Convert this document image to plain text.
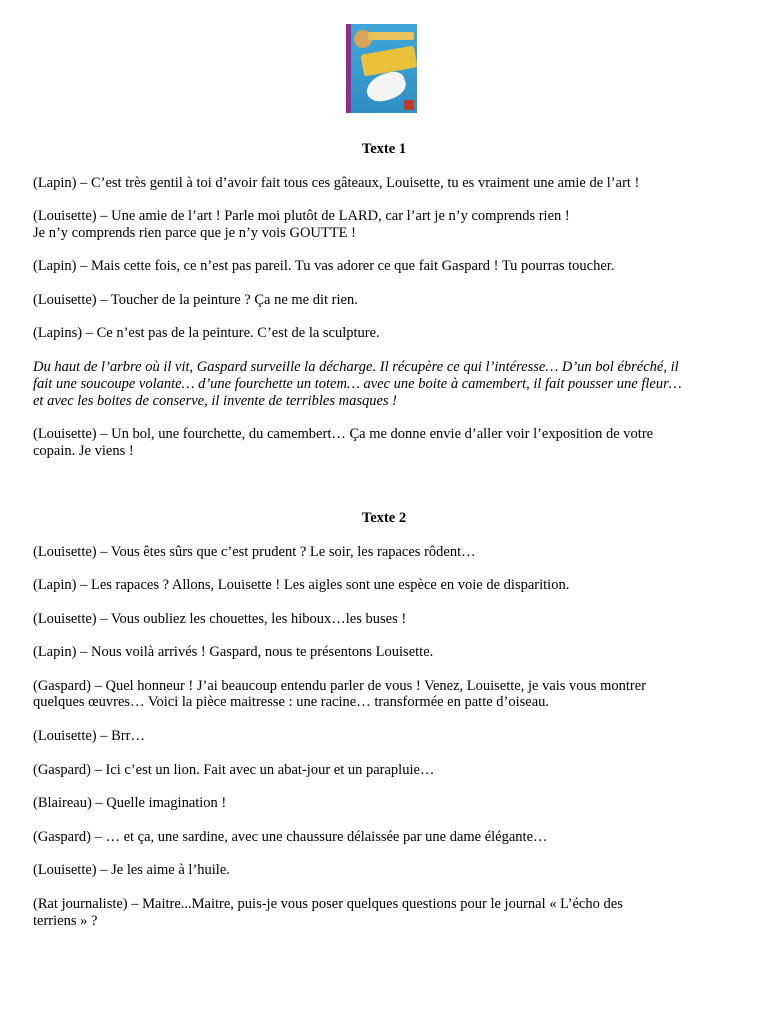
Texte 1

(Lapin) – C’est très gentil à toi d’avoir fait tous ces gâteaux, Louisette, tu es vraiment une amie de l’art !

(Louisette) – Une amie de l’art ! Parle moi plutôt de LARD, car l’art je n’y comprends rien !

Je n’y comprends rien parce que je n’y vois GOUTTE !

(Lapin) – Mais cette fois, ce n’est pas pareil. Tu vas adorer ce que fait Gaspard ! Tu pourras toucher.

(Louisette) – Toucher de la peinture ? Ça ne me dit rien.

(Lapins) – Ce n’est pas de la peinture. C’est de la sculpture.

Du haut de l’arbre où il vit, Gaspard surveille la décharge. Il récupère ce qui l’intéresse… D’un bol ébréché, il

fait une soucoupe volante… d’une fourchette un totem… avec une boite à camembert, il fait pousser une fleur…

et avec les boites de conserve, il invente de terribles masques !

(Louisette) – Un bol, une fourchette, du camembert… Ça me donne envie d’aller voir l’exposition de votre

copain. Je viens !

Texte 2

(Louisette) – Vous êtes sûrs que c’est prudent ? Le soir, les rapaces rôdent…

(Lapin) – Les rapaces ? Allons, Louisette ! Les aigles sont une espèce en voie de disparition.

(Louisette) – Vous oubliez les chouettes, les hiboux…les buses !

(Lapin) – Nous voilà arrivés ! Gaspard, nous te présentons Louisette.

(Gaspard) – Quel honneur ! J’ai beaucoup entendu parler de vous ! Venez, Louisette, je vais vous montrer

quelques œuvres… Voici la pièce maitresse : une racine… transformée en patte d’oiseau.

(Louisette) – Brr…

(Gaspard) – Ici c’est un lion. Fait avec un abat-jour et un parapluie…

(Blaireau) – Quelle imagination !

(Gaspard) – … et ça, une sardine, avec une chaussure délaissée par une dame élégante…

(Louisette) – Je les aime à l’huile.

(Rat journaliste) – Maitre...Maitre, puis-je vous poser quelques questions pour le journal « L’écho des

terriens » ?
